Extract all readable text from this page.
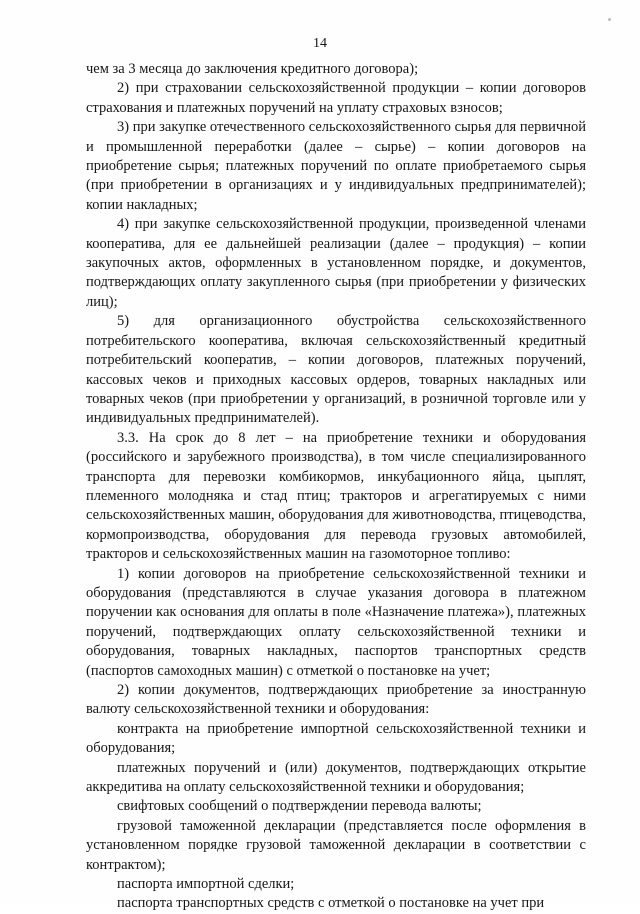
14

чем за 3 месяца до заключения кредитного договора);

2) при страховании сельскохозяйственной продукции – копии договоров страхования и платежных поручений на уплату страховых взносов;

3) при закупке отечественного сельскохозяйственного сырья для первичной и промышленной переработки (далее – сырье) – копии договоров на приобретение сырья; платежных поручений по оплате приобретаемого сырья (при приобретении в организациях и у индивидуальных предпринимателей); копии накладных;

4) при закупке сельскохозяйственной продукции, произведенной членами кооператива, для ее дальнейшей реализации (далее – продукция) – копии закупочных актов, оформленных в установленном порядке, и документов, подтверждающих оплату закупленного сырья (при приобретении у физических лиц);

5) для организационного обустройства сельскохозяйственного потребительского кооператива, включая сельскохозяйственный кредитный потребительский кооператив, – копии договоров, платежных поручений, кассовых чеков и приходных кассовых ордеров, товарных накладных или товарных чеков (при приобретении у организаций, в розничной торговле или у индивидуальных предпринимателей).

3.3. На срок до 8 лет – на приобретение техники и оборудования (российского и зарубежного производства), в том числе специализированного транспорта для перевозки комбикормов, инкубационного яйца, цыплят, племенного молодняка и стад птиц; тракторов и агрегатируемых с ними сельскохозяйственных машин, оборудования для животноводства, птицеводства, кормопроизводства, оборудования для перевода грузовых автомобилей, тракторов и сельскохозяйственных машин на газомоторное топливо:

1) копии договоров на приобретение сельскохозяйственной техники и оборудования (представляются в случае указания договора в платежном поручении как основания для оплаты в поле «Назначение платежа»), платежных поручений, подтверждающих оплату сельскохозяйственной техники и оборудования, товарных накладных, паспортов транспортных средств (паспортов самоходных машин) с отметкой о постановке на учет;

2) копии документов, подтверждающих приобретение за иностранную валюту сельскохозяйственной техники и оборудования:

контракта на приобретение импортной сельскохозяйственной техники и оборудования;

платежных поручений и (или) документов, подтверждающих открытие аккредитива на оплату сельскохозяйственной техники и оборудования;

свифтовых сообщений о подтверждении перевода валюты;

грузовой таможенной декларации (представляется после оформления в установленном порядке грузовой таможенной декларации в соответствии с контрактом);

паспорта импортной сделки;

паспорта транспортных средств с отметкой о постановке на учет при
